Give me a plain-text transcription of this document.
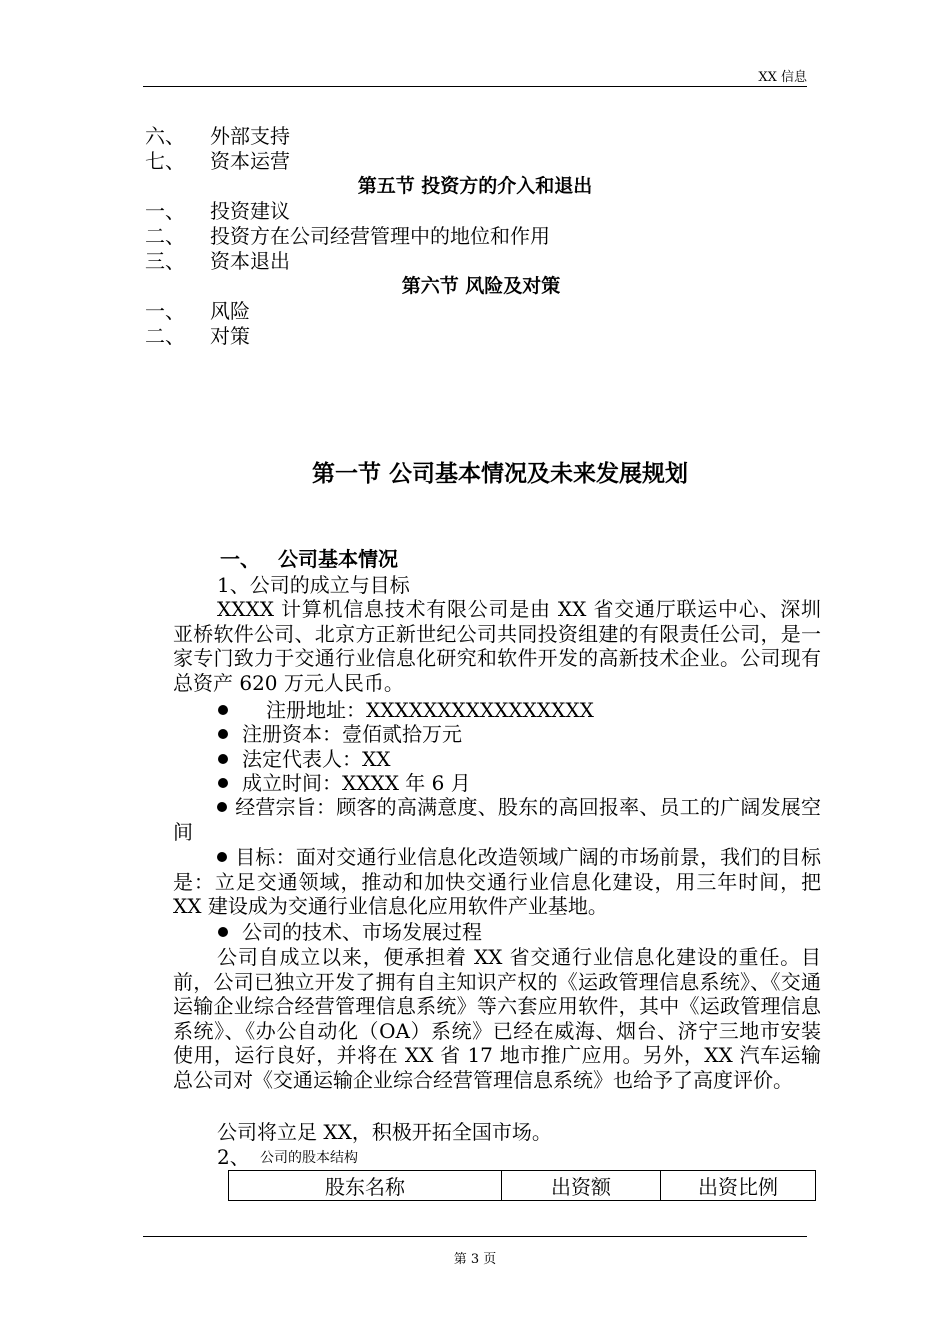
XX 信息
六、 外部支持
七、 资本运营
第五节 投资方的介入和退出
一、 投资建议
二、 投资方在公司经营管理中的地位和作用
三、 资本退出
第六节 风险及对策
一、 风险
二、 对策
第一节 公司基本情况及未来发展规划
一、 公司基本情况
1、公司的成立与目标
XXXX 计算机信息技术有限公司是由 XX 省交通厅联运中心、深圳亚桥软件公司、北京方正新世纪公司共同投资组建的有限责任公司，是一家专门致力于交通行业信息化研究和软件开发的高新技术企业。公司现有总资产 620 万元人民币。
注册地址：XXXXXXXXXXXXXXXX
注册资本：壹佰贰拾万元
法定代表人：XX
成立时间：XXXX 年 6 月
经营宗旨：顾客的高满意度、股东的高回报率、员工的广阔发展空间
目标：面对交通行业信息化改造领域广阔的市场前景，我们的目标是：立足交通领域，推动和加快交通行业信息化建设，用三年时间，把 XX 建设成为交通行业信息化应用软件产业基地。
公司的技术、市场发展过程
公司自成立以来，便承担着 XX 省交通行业信息化建设的重任。目前，公司已独立开发了拥有自主知识产权的《运政管理信息系统》、《交通运输企业综合经营管理信息系统》等六套应用软件，其中《运政管理信息系统》、《办公自动化（OA）系统》已经在威海、烟台、济宁三地市安装使用，运行良好，并将在 XX 省 17 地市推广应用。另外，XX 汽车运输总公司对《交通运输企业综合经营管理信息系统》也给予了高度评价。
公司将立足 XX，积极开拓全国市场。
2、 公司的股本结构
股东名称	出资额	出资比例
第 3 页
